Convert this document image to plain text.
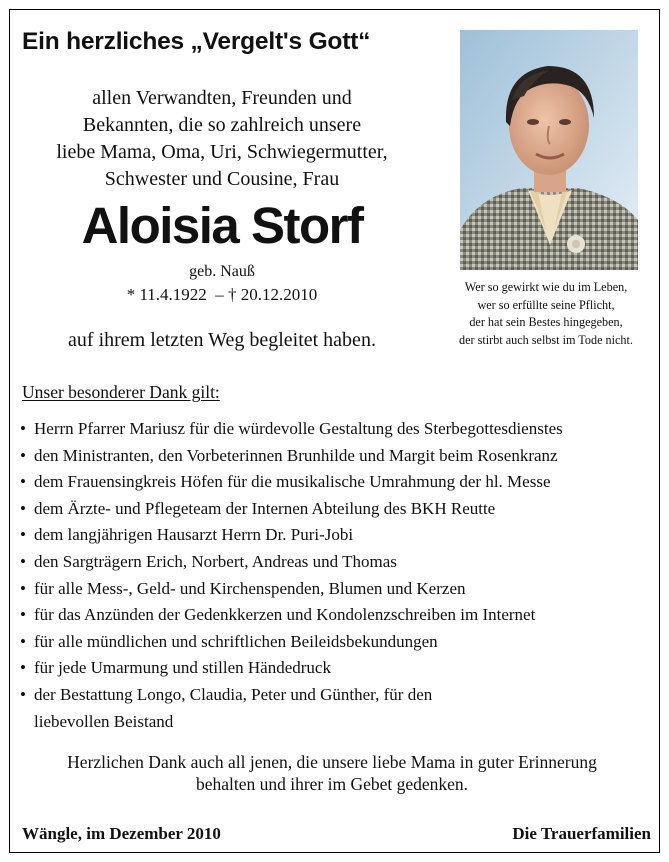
Ein herzliches „Vergelt's Gott“
allen Verwandten, Freunden und
Bekannten, die so zahlreich unsere
liebe Mama, Oma, Uri, Schwiegermutter,
Schwester und Cousine, Frau
Aloisia Storf
geb. Nauß
* 11.4.1922  – † 20.12.2010
auf ihrem letzten Weg begleitet haben.
Wer so gewirkt wie du im Leben,
wer so erfüllte seine Pflicht,
der hat sein Bestes hingegeben,
der stirbt auch selbst im Tode nicht.
Unser besonderer Dank gilt:
• Herrn Pfarrer Mariusz für die würdevolle Gestaltung des Sterbegottesdienstes
• den Ministranten, den Vorbeterinnen Brunhilde und Margit beim Rosenkranz
• dem Frauensingkreis Höfen für die musikalische Umrahmung der hl. Messe
• dem Ärzte- und Pflegeteam der Internen Abteilung des BKH Reutte
• dem langjährigen Hausarzt Herrn Dr. Puri-Jobi
• den Sargträgern Erich, Norbert, Andreas und Thomas
• für alle Mess-, Geld- und Kirchenspenden, Blumen und Kerzen
• für das Anzünden der Gedenkkerzen und Kondolenzschreiben im Internet
• für alle mündlichen und schriftlichen Beileidsbekundungen
• für jede Umarmung und stillen Händedruck
• der Bestattung Longo, Claudia, Peter und Günther, für den
liebevollen Beistand
Herzlichen Dank auch all jenen, die unsere liebe Mama in guter Erinnerung
behalten und ihrer im Gebet gedenken.
Wängle, im Dezember 2010	Die Trauerfamilien
